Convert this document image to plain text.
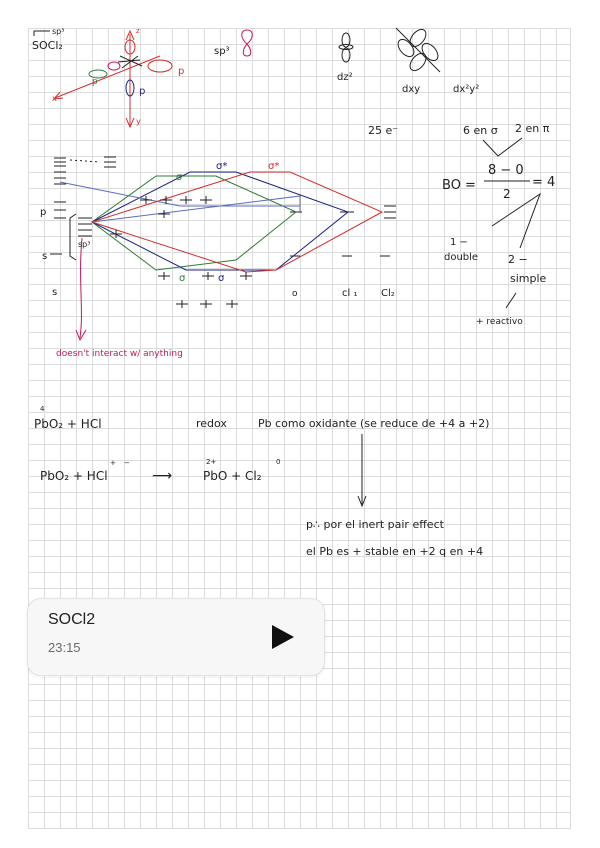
sp³
SOCl₂
z
x
y
p
p
p
sp³
dz²
dxy	dx²y²
25 e⁻	6 en σ 2 en π
BO =
8 − 0
2
= 4
1 −
double	2 −
simple
+ reactivo
p
s
s
sp³
o	cl ₁ Cl₂
σ
σ*	σ*
σ	σ
doesn't interact w/ anything
4
PbO₂ + HCl	redox	Pb como oxidante (se reduce de +4 a +2)
+ −	2+	0
PbO₂ + HCl	⟶	PbO + Cl₂
p∴ por el inert pair effect
el Pb es + stable en +2 q en +4
SOCl2
23:15
